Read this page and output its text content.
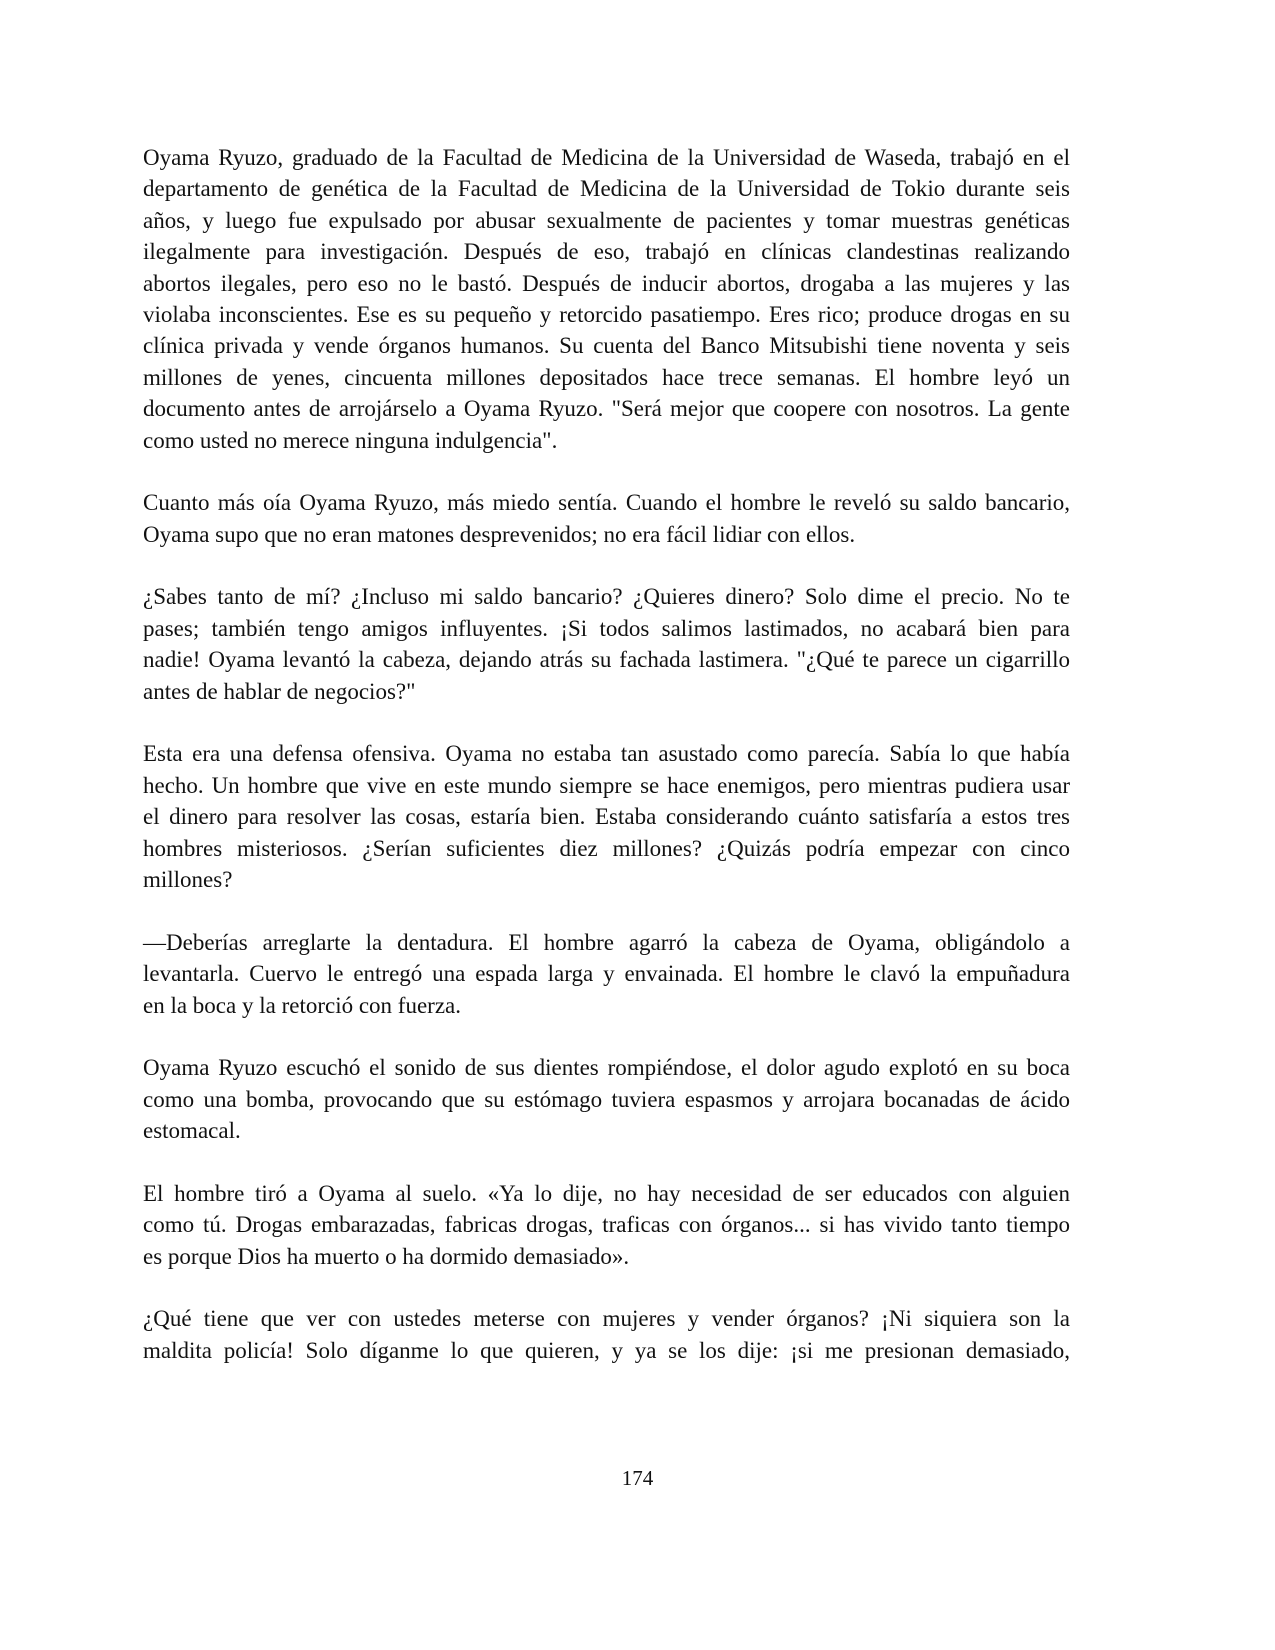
Oyama Ryuzo, graduado de la Facultad de Medicina de la Universidad de Waseda, trabajó en el
departamento de genética de la Facultad de Medicina de la Universidad de Tokio durante seis
años, y luego fue expulsado por abusar sexualmente de pacientes y tomar muestras genéticas
ilegalmente para investigación. Después de eso, trabajó en clínicas clandestinas realizando
abortos ilegales, pero eso no le bastó. Después de inducir abortos, drogaba a las mujeres y las
violaba inconscientes. Ese es su pequeño y retorcido pasatiempo. Eres rico; produce drogas en su
clínica privada y vende órganos humanos. Su cuenta del Banco Mitsubishi tiene noventa y seis
millones de yenes, cincuenta millones depositados hace trece semanas. El hombre leyó un
documento antes de arrojárselo a Oyama Ryuzo. "Será mejor que coopere con nosotros. La gente
como usted no merece ninguna indulgencia".
Cuanto más oía Oyama Ryuzo, más miedo sentía. Cuando el hombre le reveló su saldo bancario,
Oyama supo que no eran matones desprevenidos; no era fácil lidiar con ellos.
¿Sabes tanto de mí? ¿Incluso mi saldo bancario? ¿Quieres dinero? Solo dime el precio. No te
pases; también tengo amigos influyentes. ¡Si todos salimos lastimados, no acabará bien para
nadie! Oyama levantó la cabeza, dejando atrás su fachada lastimera. "¿Qué te parece un cigarrillo
antes de hablar de negocios?"
Esta era una defensa ofensiva. Oyama no estaba tan asustado como parecía. Sabía lo que había
hecho. Un hombre que vive en este mundo siempre se hace enemigos, pero mientras pudiera usar
el dinero para resolver las cosas, estaría bien. Estaba considerando cuánto satisfaría a estos tres
hombres misteriosos. ¿Serían suficientes diez millones? ¿Quizás podría empezar con cinco
millones?
—Deberías arreglarte la dentadura. El hombre agarró la cabeza de Oyama, obligándolo a
levantarla. Cuervo le entregó una espada larga y envainada. El hombre le clavó la empuñadura
en la boca y la retorció con fuerza.
Oyama Ryuzo escuchó el sonido de sus dientes rompiéndose, el dolor agudo explotó en su boca
como una bomba, provocando que su estómago tuviera espasmos y arrojara bocanadas de ácido
estomacal.
El hombre tiró a Oyama al suelo. «Ya lo dije, no hay necesidad de ser educados con alguien
como tú. Drogas embarazadas, fabricas drogas, traficas con órganos... si has vivido tanto tiempo
es porque Dios ha muerto o ha dormido demasiado».
¿Qué tiene que ver con ustedes meterse con mujeres y vender órganos? ¡Ni siquiera son la
maldita policía! Solo díganme lo que quieren, y ya se los dije: ¡si me presionan demasiado,
174
